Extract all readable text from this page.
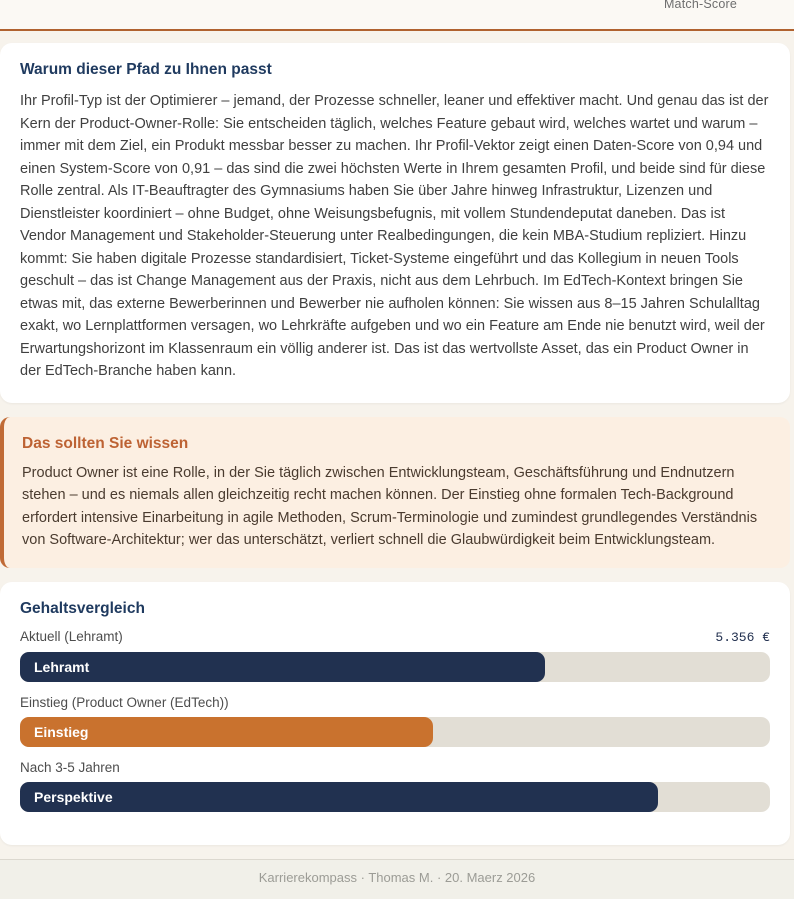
Match-Score
Warum dieser Pfad zu Ihnen passt

Ihr Profil-Typ ist der Optimierer – jemand, der Prozesse schneller, leaner und effektiver macht. Und genau das ist der Kern der Product-Owner-Rolle: Sie entscheiden täglich, welches Feature gebaut wird, welches wartet und warum – immer mit dem Ziel, ein Produkt messbar besser zu machen. Ihr Profil-Vektor zeigt einen Daten-Score von 0,94 und einen System-Score von 0,91 – das sind die zwei höchsten Werte in Ihrem gesamten Profil, und beide sind für diese Rolle zentral. Als IT-Beauftragter des Gymnasiums haben Sie über Jahre hinweg Infrastruktur, Lizenzen und Dienstleister koordiniert – ohne Budget, ohne Weisungsbefugnis, mit vollem Stundendeputat daneben. Das ist Vendor Management und Stakeholder-Steuerung unter Realbedingungen, die kein MBA-Studium repliziert. Hinzu kommt: Sie haben digitale Prozesse standardisiert, Ticket-Systeme eingeführt und das Kollegium in neuen Tools geschult – das ist Change Management aus der Praxis, nicht aus dem Lehrbuch. Im EdTech-Kontext bringen Sie etwas mit, das externe Bewerberinnen und Bewerber nie aufholen können: Sie wissen aus 8–15 Jahren Schulalltag exakt, wo Lernplattformen versagen, wo Lehrkräfte aufgeben und wo ein Feature am Ende nie benutzt wird, weil der Erwartungshorizont im Klassenraum ein völlig anderer ist. Das ist das wertvollste Asset, das ein Product Owner in der EdTech-Branche haben kann.

Das sollten Sie wissen

Product Owner ist eine Rolle, in der Sie täglich zwischen Entwicklungsteam, Geschäftsführung und Endnutzern stehen – und es niemals allen gleichzeitig recht machen können. Der Einstieg ohne formalen Tech-Background erfordert intensive Einarbeitung in agile Methoden, Scrum-Terminologie und zumindest grundlegendes Verständnis von Software-Architektur; wer das unterschätzt, verliert schnell die Glaubwürdigkeit beim Entwicklungsteam.

Gehaltsvergleich
Aktuell (Lehramt)	5.356 €
Lehramt
Einstieg (Product Owner (EdTech))
Einstieg
Nach 3-5 Jahren
Perspektive
Karrierekompass · Thomas M. · 20. Maerz 2026
